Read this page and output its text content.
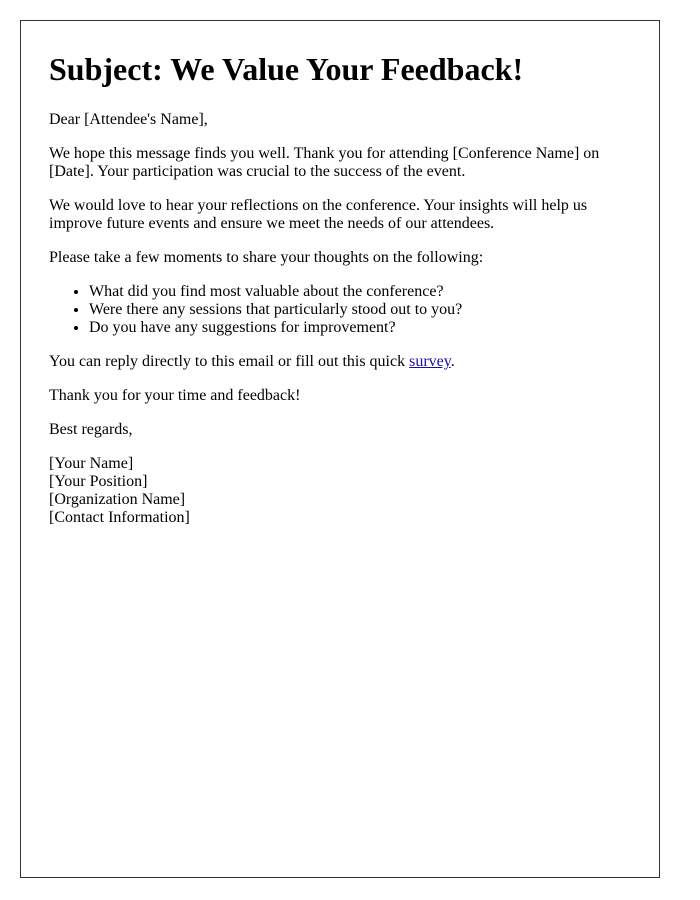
Subject: We Value Your Feedback!

Dear [Attendee's Name],

We hope this message finds you well. Thank you for attending [Conference Name] on [Date]. Your participation was crucial to the success of the event.

We would love to hear your reflections on the conference. Your insights will help us improve future events and ensure we meet the needs of our attendees.

Please take a few moments to share your thoughts on the following:

• What did you find most valuable about the conference?
• Were there any sessions that particularly stood out to you?
• Do you have any suggestions for improvement?

You can reply directly to this email or fill out this quick survey.

Thank you for your time and feedback!

Best regards,

[Your Name]
[Your Position]
[Organization Name]
[Contact Information]
